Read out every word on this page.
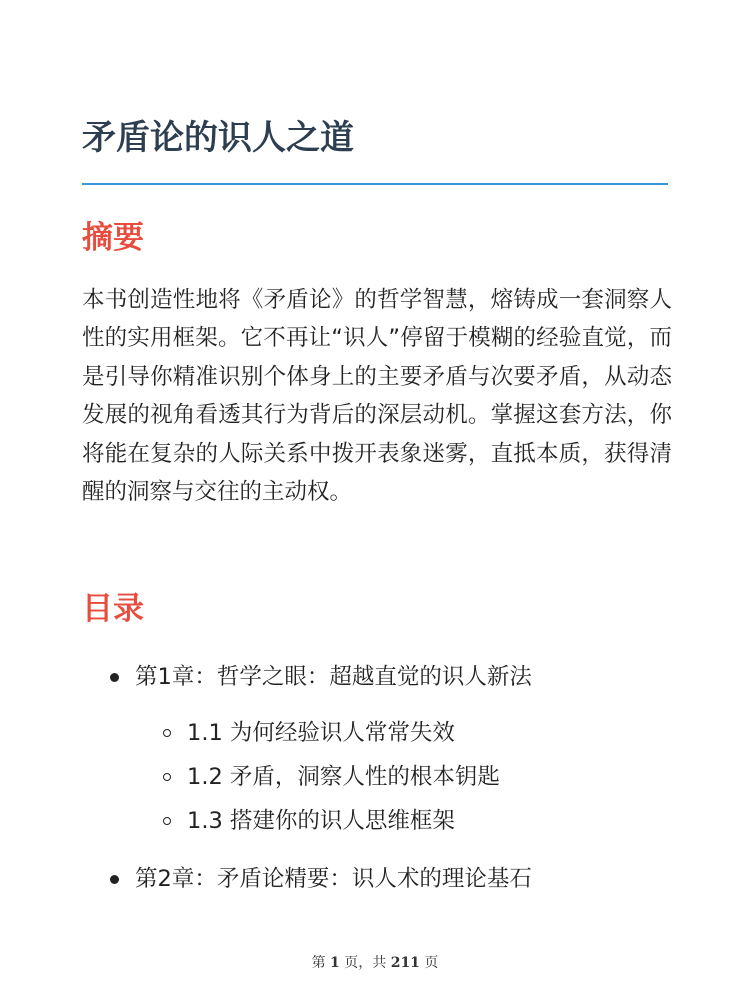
矛盾论的识人之道
摘要

本书创造性地将《矛盾论》的哲学智慧，熔铸成一套洞察人性的实用框架。它不再让“识人”停留于模糊的经验直觉，而是引导你精准识别个体身上的主要矛盾与次要矛盾，从动态发展的视角看透其行为背后的深层动机。掌握这套方法，你将能在复杂的人际关系中拨开表象迷雾，直抵本质，获得清醒的洞察与交往的主动权。

目录
第1章：哲学之眼：超越直觉的识人新法
1.1 为何经验识人常常失效
1.2 矛盾，洞察人性的根本钥匙
1.3 搭建你的识人思维框架
第2章：矛盾论精要：识人术的理论基石
第 1 页，共 211 页
